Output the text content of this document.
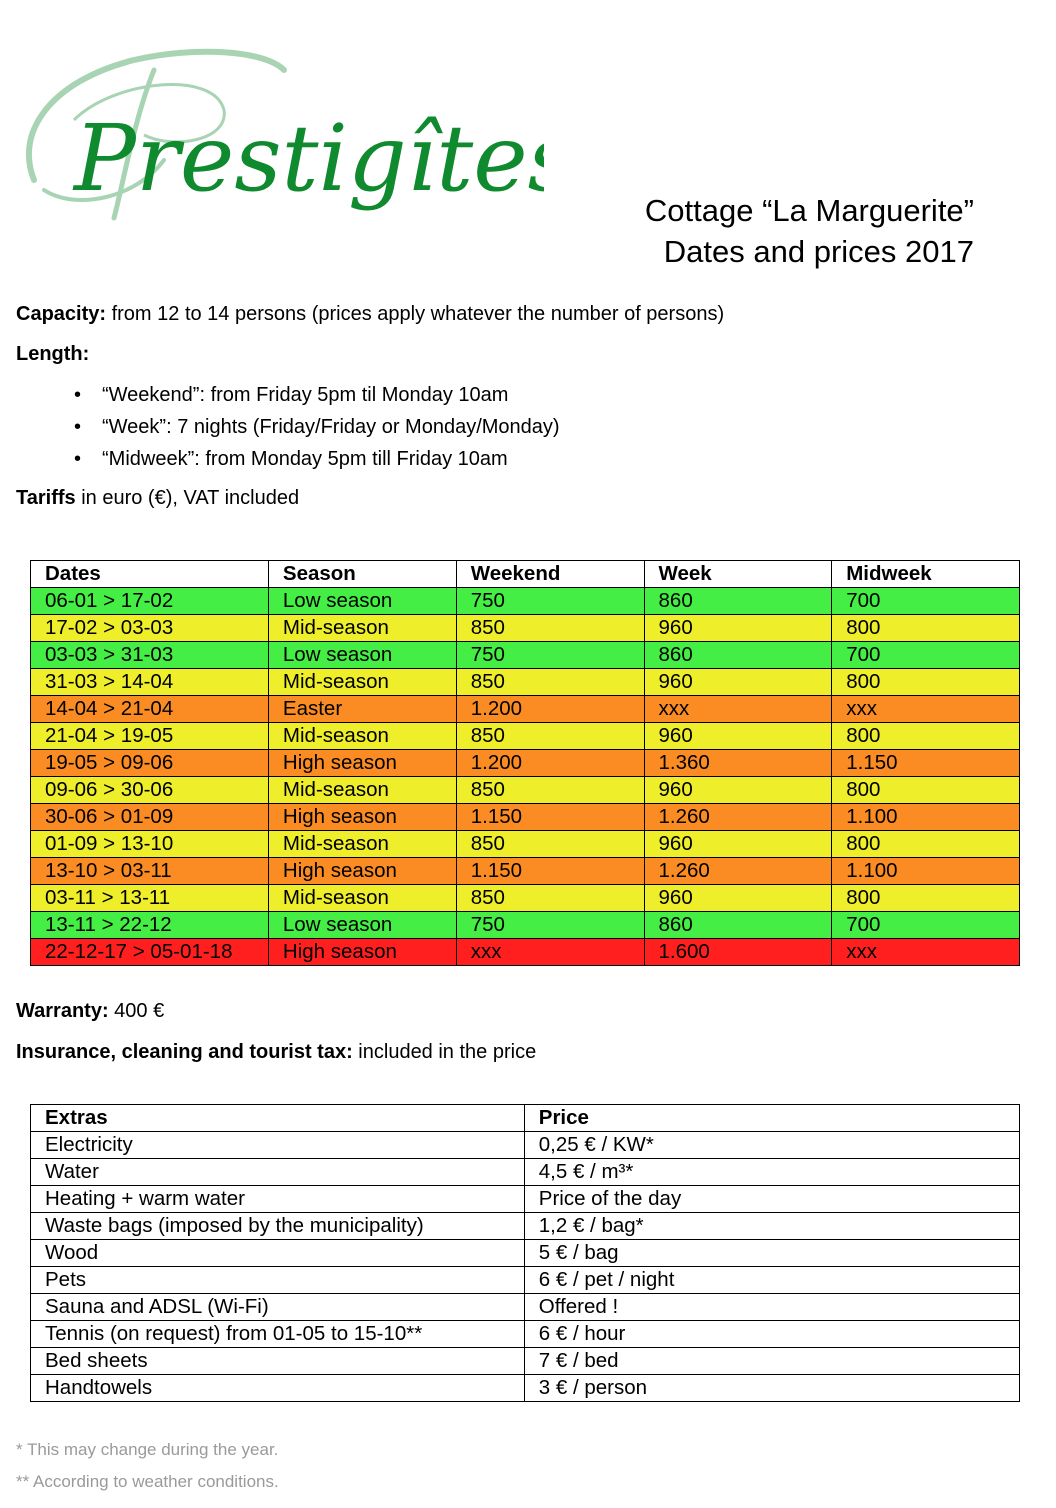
Prestigîtes Cottage “La Marguerite”
Dates and prices 2017
Capacity: from 12 to 14 persons (prices apply whatever the number of persons)
Length:
• “Weekend”: from Friday 5pm til Monday 10am
• “Week”: 7 nights (Friday/Friday or Monday/Monday)
• “Midweek”: from Monday 5pm till Friday 10am
Tariffs in euro (€), VAT included
Dates	Season	Weekend	Week	Midweek
06-01 > 17-02	Low season	750	860	700
17-02 > 03-03	Mid-season	850	960	800
03-03 > 31-03	Low season	750	860	700
31-03 > 14-04	Mid-season	850	960	800
14-04 > 21-04	Easter	1.200	xxx	xxx
21-04 > 19-05	Mid-season	850	960	800
19-05 > 09-06	High season	1.200	1.360	1.150
09-06 > 30-06	Mid-season	850	960	800
30-06 > 01-09	High season	1.150	1.260	1.100
01-09 > 13-10	Mid-season	850	960	800
13-10 > 03-11	High season	1.150	1.260	1.100
03-11 > 13-11	Mid-season	850	960	800
13-11 > 22-12	Low season	750	860	700
22-12-17 > 05-01-18	High season	xxx	1.600	xxx
Warranty: 400 €
Insurance, cleaning and tourist tax: included in the price
Extras	Price
Electricity	0,25 € / KW*
Water	4,5 € / m³*
Heating + warm water	Price of the day
Waste bags (imposed by the municipality)	1,2 € / bag*
Wood	5 € / bag
Pets	6 € / pet / night
Sauna and ADSL (Wi-Fi)	Offered !
Tennis (on request) from 01-05 to 15-10**	6 € / hour
Bed sheets	7 € / bed
Handtowels	3 € / person
* This may change during the year.
** According to weather conditions.
